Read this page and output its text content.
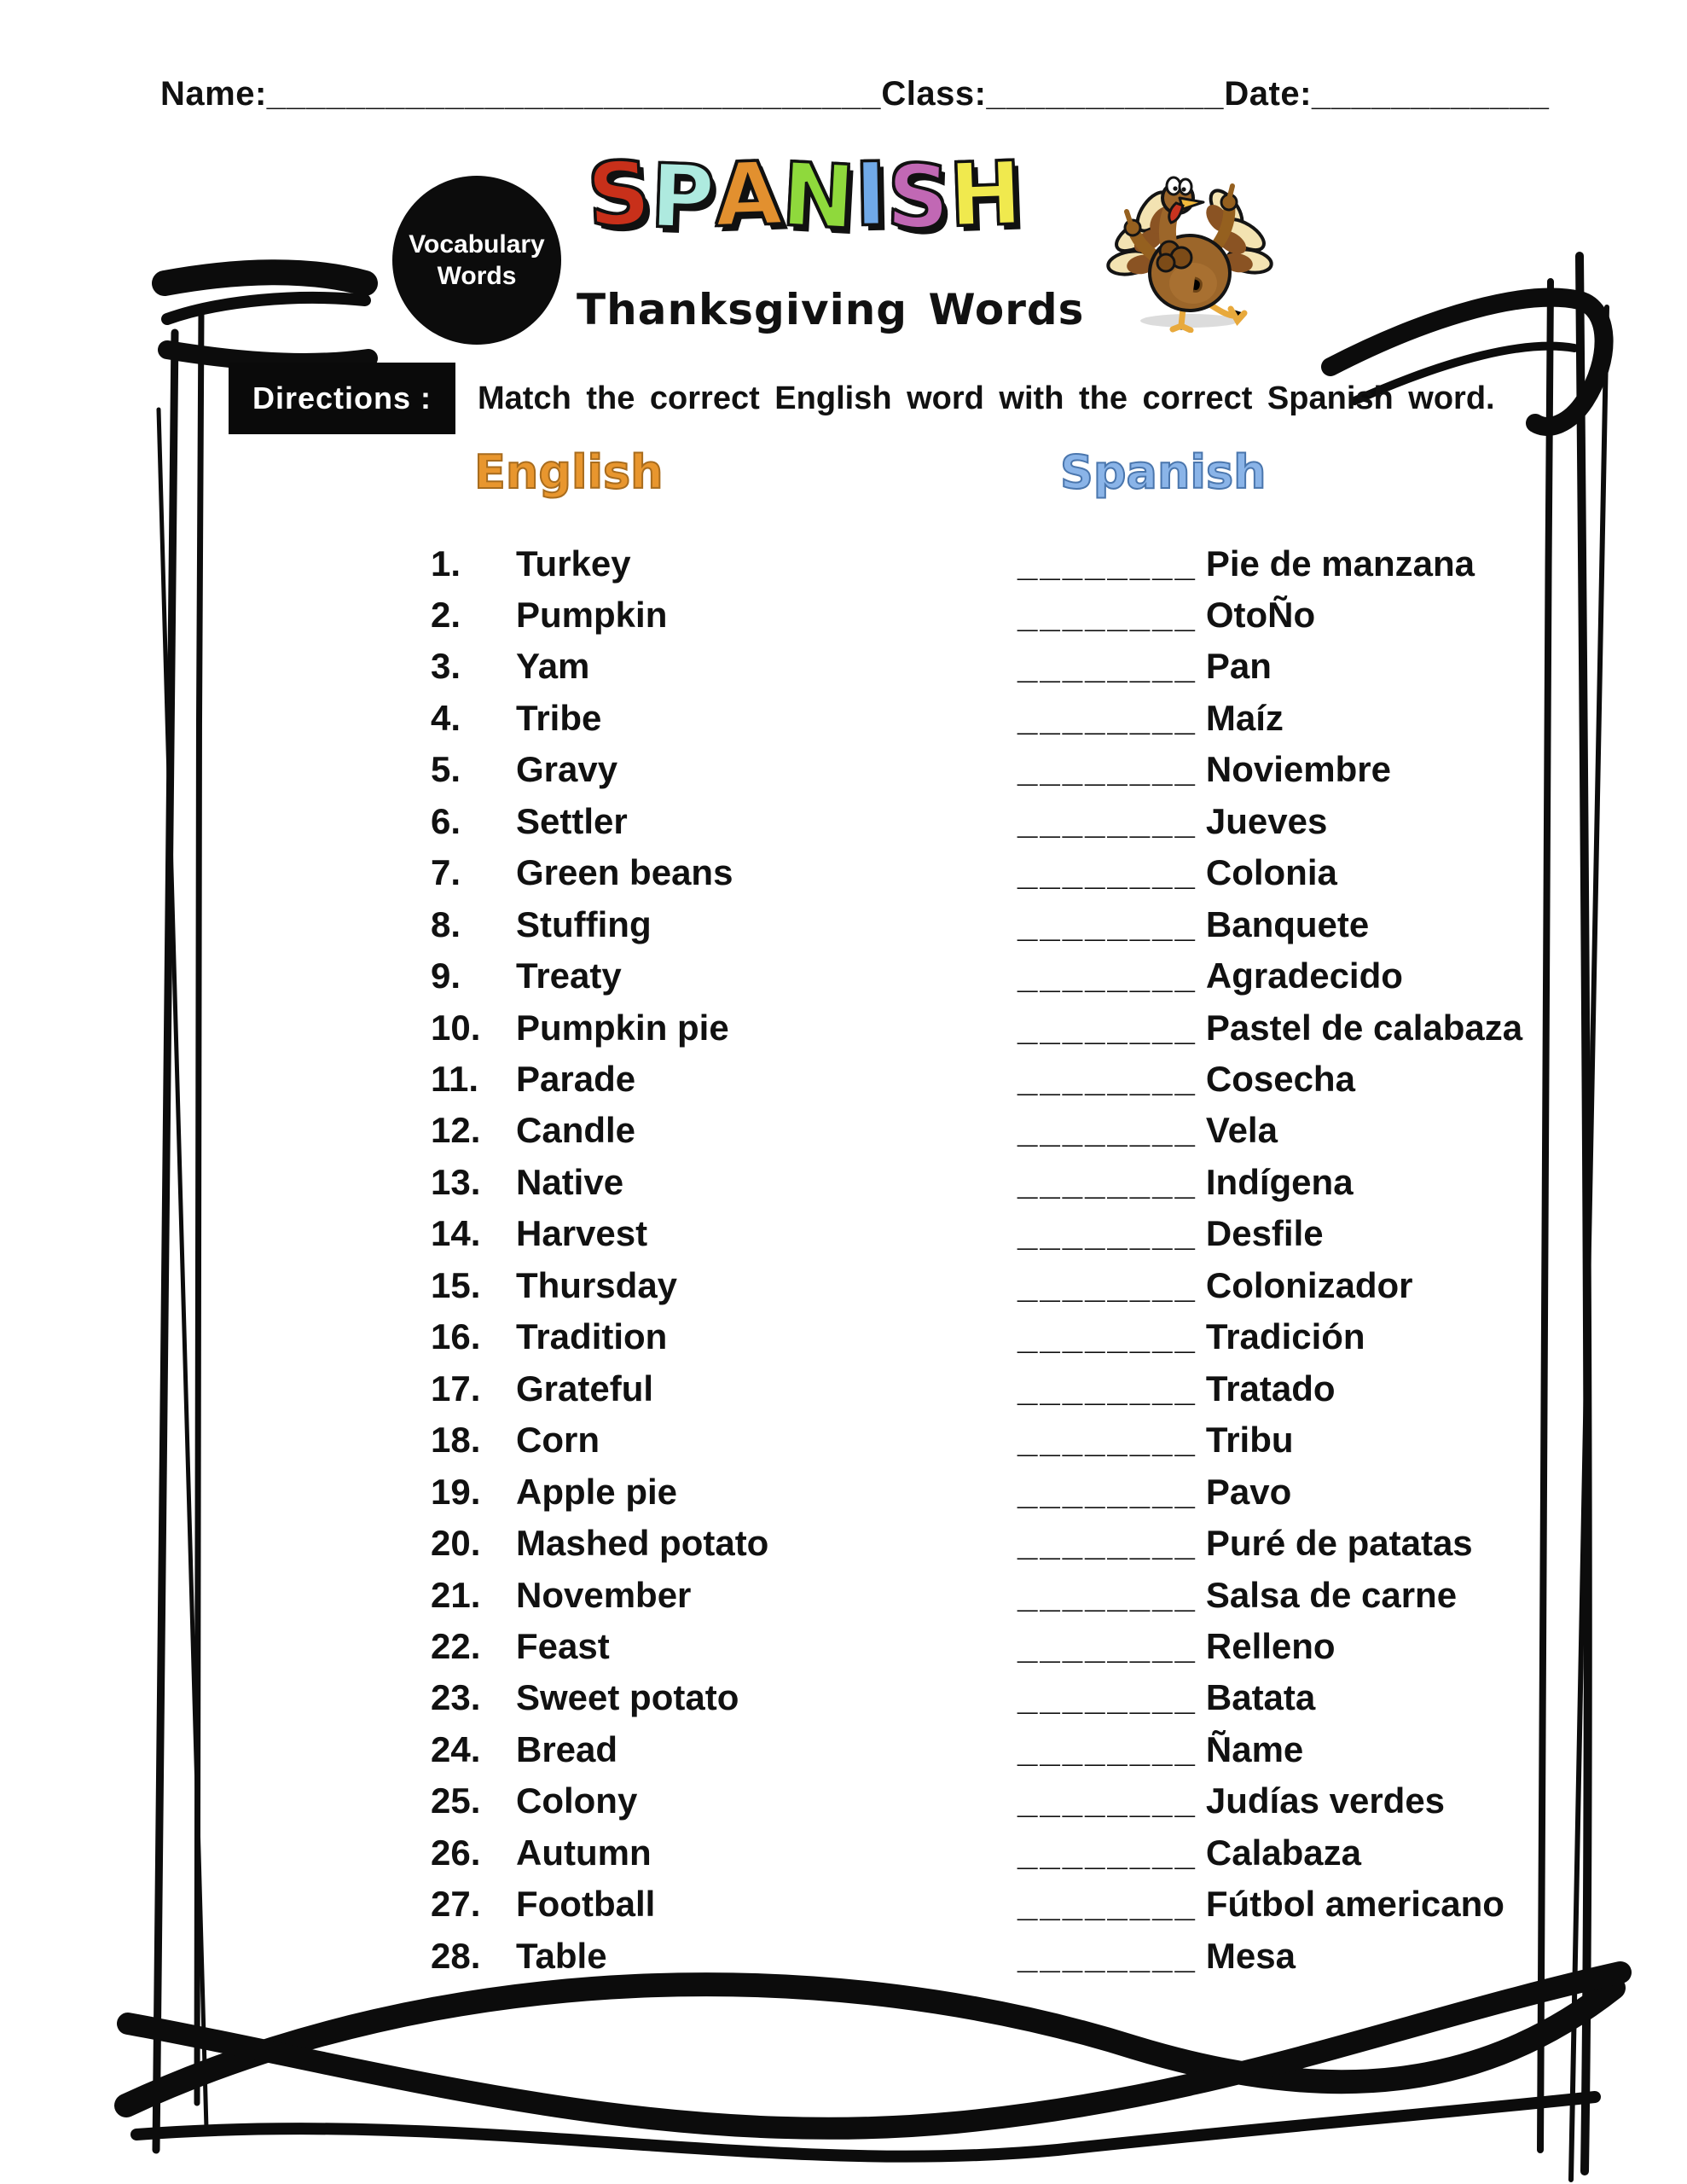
Name: _______________________________ Class: ____________ Date: ____________
Vocabulary
Words
SPANISH
Thanksgiving Words
Directions : Match the correct English word with the correct Spanish word.
English	Spanish
1.	Turkey	________ Pie de manzana
2.	Pumpkin	________ OtoÑo
3.	Yam	________ Pan
4.	Tribe	________ Maíz
5.	Gravy	________ Noviembre
6.	Settler	________ Jueves
7.	Green beans	________ Colonia
8.	Stuffing	________ Banquete
9.	Treaty	________ Agradecido
10. Pumpkin pie	________ Pastel de calabaza
11.	Parade	________ Cosecha
12. Candle	________ Vela
13. Native	________ Indígena
14. Harvest	________ Desfile
15. Thursday	________ Colonizador
16. Tradition	________ Tradición
17. Grateful	________ Tratado
18. Corn	________ Tribu
19. Apple pie	________ Pavo
20. Mashed potato	________ Puré de patatas
21. November	________ Salsa de carne
22. Feast	________ Relleno
23. Sweet potato	________ Batata
24. Bread	________ Ñame
25. Colony	________ Judías verdes
26. Autumn	________ Calabaza
27. Football	________ Fútbol americano
28. Table	________ Mesa
